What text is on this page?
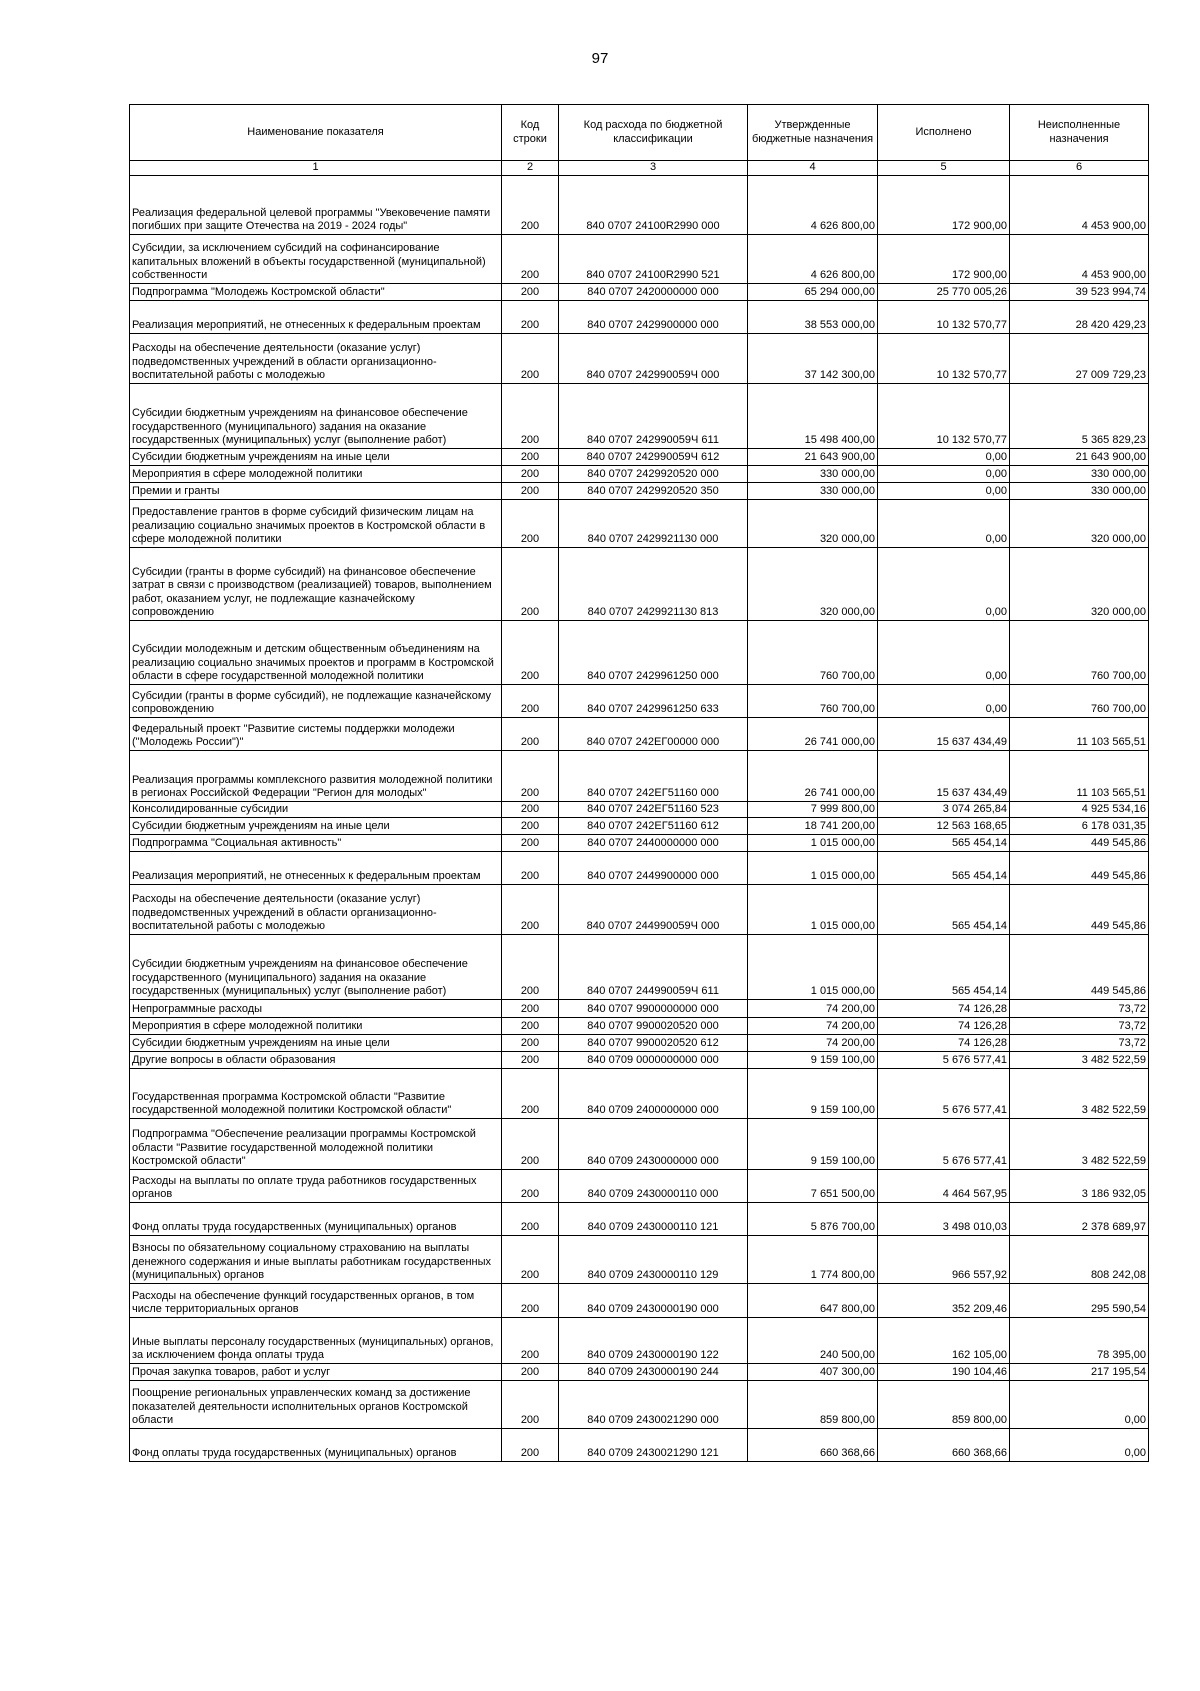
97
Наименование показателя	Код строки	Код расхода по бюджетной классификации	Утвержденные бюджетные назначения	Исполнено	Неисполненные назначения
1	2	3	4	5	6
Реализация федеральной целевой программы "Увековечение памяти погибших при защите Отечества на 2019 - 2024 годы"	200	840 0707 24100R2990 000	4 626 800,00	172 900,00	4 453 900,00
Субсидии, за исключением субсидий на софинансирование капитальных вложений в объекты государственной (муниципальной) собственности	200	840 0707 24100R2990 521	4 626 800,00	172 900,00	4 453 900,00
Подпрограмма "Молодежь Костромской области"	200	840 0707 2420000000 000	65 294 000,00	25 770 005,26	39 523 994,74
Реализация мероприятий, не отнесенных к федеральным проектам	200	840 0707 2429900000 000	38 553 000,00	10 132 570,77	28 420 429,23
Расходы на обеспечение деятельности (оказание услуг) подведомственных учреждений в области организационно-воспитательной работы с молодежью	200	840 0707 242990059Ч 000	37 142 300,00	10 132 570,77	27 009 729,23
Субсидии бюджетным учреждениям на финансовое обеспечение государственного (муниципального) задания на оказание государственных (муниципальных) услуг (выполнение работ)	200	840 0707 242990059Ч 611	15 498 400,00	10 132 570,77	5 365 829,23
Субсидии бюджетным учреждениям на иные цели	200	840 0707 242990059Ч 612	21 643 900,00	0,00	21 643 900,00
Мероприятия в сфере молодежной политики	200	840 0707 2429920520 000	330 000,00	0,00	330 000,00
Премии и гранты	200	840 0707 2429920520 350	330 000,00	0,00	330 000,00
Предоставление грантов в форме субсидий физическим лицам на реализацию социально значимых проектов в Костромской области в сфере молодежной политики	200	840 0707 2429921130 000	320 000,00	0,00	320 000,00
Субсидии (гранты в форме субсидий) на финансовое обеспечение затрат в связи с производством (реализацией) товаров, выполнением работ, оказанием услуг, не подлежащие казначейскому сопровождению	200	840 0707 2429921130 813	320 000,00	0,00	320 000,00
Субсидии молодежным и детским общественным объединениям на реализацию социально значимых проектов и программ в Костромской области в сфере государственной молодежной политики	200	840 0707 2429961250 000	760 700,00	0,00	760 700,00
Субсидии (гранты в форме субсидий), не подлежащие казначейскому сопровождению	200	840 0707 2429961250 633	760 700,00	0,00	760 700,00
Федеральный проект "Развитие системы поддержки молодежи ("Молодежь России")"	200	840 0707 242ЕГ00000 000	26 741 000,00	15 637 434,49	11 103 565,51
Реализация программы комплексного развития молодежной политики в регионах Российской Федерации "Регион для молодых"	200	840 0707 242ЕГ51160 000	26 741 000,00	15 637 434,49	11 103 565,51
Консолидированные субсидии	200	840 0707 242ЕГ51160 523	7 999 800,00	3 074 265,84	4 925 534,16
Субсидии бюджетным учреждениям на иные цели	200	840 0707 242ЕГ51160 612	18 741 200,00	12 563 168,65	6 178 031,35
Подпрограмма "Социальная активность"	200	840 0707 2440000000 000	1 015 000,00	565 454,14	449 545,86
Реализация мероприятий, не отнесенных к федеральным проектам	200	840 0707 2449900000 000	1 015 000,00	565 454,14	449 545,86
Расходы на обеспечение деятельности (оказание услуг) подведомственных учреждений в области организационно-воспитательной работы с молодежью	200	840 0707 244990059Ч 000	1 015 000,00	565 454,14	449 545,86
Субсидии бюджетным учреждениям на финансовое обеспечение государственного (муниципального) задания на оказание государственных (муниципальных) услуг (выполнение работ)	200	840 0707 244990059Ч 611	1 015 000,00	565 454,14	449 545,86
Непрограммные расходы	200	840 0707 9900000000 000	74 200,00	74 126,28	73,72
Мероприятия в сфере молодежной политики	200	840 0707 9900020520 000	74 200,00	74 126,28	73,72
Субсидии бюджетным учреждениям на иные цели	200	840 0707 9900020520 612	74 200,00	74 126,28	73,72
Другие вопросы в области образования	200	840 0709 0000000000 000	9 159 100,00	5 676 577,41	3 482 522,59
Государственная программа Костромской области "Развитие государственной молодежной политики Костромской области"	200	840 0709 2400000000 000	9 159 100,00	5 676 577,41	3 482 522,59
Подпрограмма "Обеспечение реализации программы Костромской области "Развитие государственной молодежной политики Костромской области"	200	840 0709 2430000000 000	9 159 100,00	5 676 577,41	3 482 522,59
Расходы на выплаты по оплате труда работников государственных органов	200	840 0709 2430000110 000	7 651 500,00	4 464 567,95	3 186 932,05
Фонд оплаты труда государственных (муниципальных) органов	200	840 0709 2430000110 121	5 876 700,00	3 498 010,03	2 378 689,97
Взносы по обязательному социальному страхованию на выплаты денежного содержания и иные выплаты работникам государственных (муниципальных) органов	200	840 0709 2430000110 129	1 774 800,00	966 557,92	808 242,08
Расходы на обеспечение функций государственных органов, в том числе территориальных органов	200	840 0709 2430000190 000	647 800,00	352 209,46	295 590,54
Иные выплаты персоналу государственных (муниципальных) органов, за исключением фонда оплаты труда	200	840 0709 2430000190 122	240 500,00	162 105,00	78 395,00
Прочая закупка товаров, работ и услуг	200	840 0709 2430000190 244	407 300,00	190 104,46	217 195,54
Поощрение региональных управленческих команд за достижение показателей деятельности исполнительных органов Костромской области	200	840 0709 2430021290 000	859 800,00	859 800,00	0,00
Фонд оплаты труда государственных (муниципальных) органов	200	840 0709 2430021290 121	660 368,66	660 368,66	0,00
